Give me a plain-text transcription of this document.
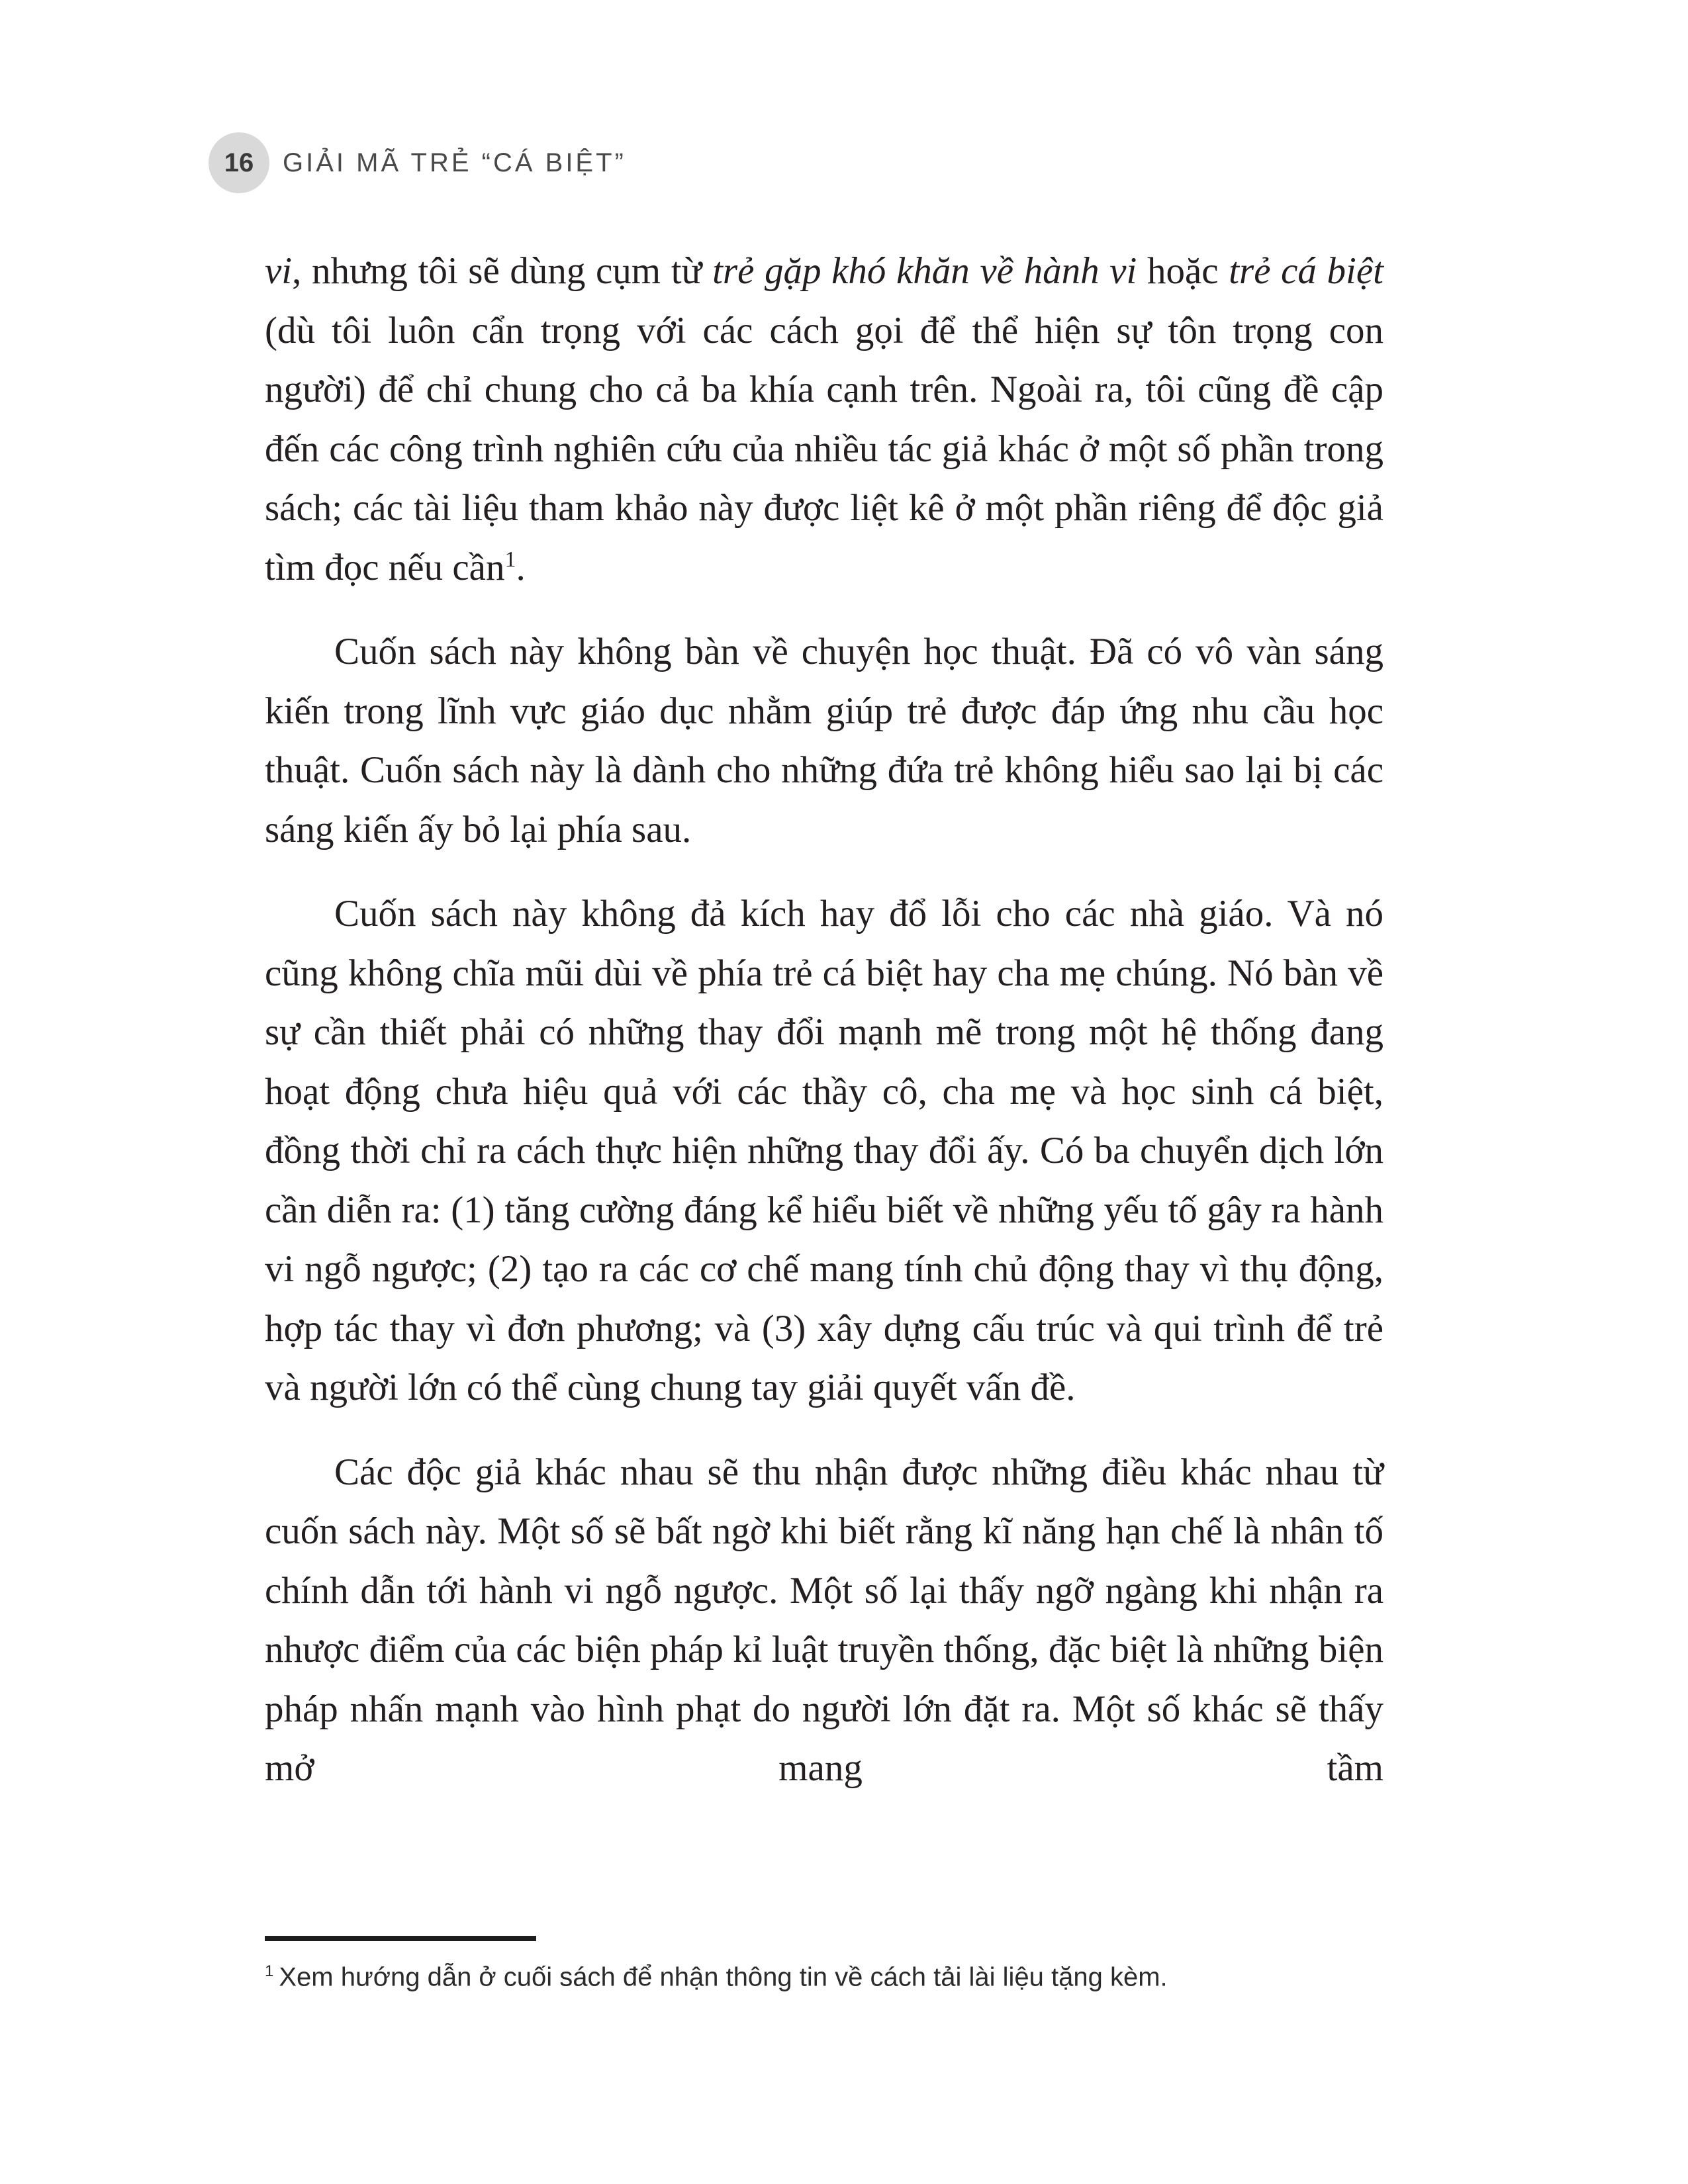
16 GIẢI MÃ TRẺ “CÁ BIỆT”

vi, nhưng tôi sẽ dùng cụm từ trẻ gặp khó khăn về hành vi hoặc trẻ cá biệt (dù tôi luôn cẩn trọng với các cách gọi để thể hiện sự tôn trọng con người) để chỉ chung cho cả ba khía cạnh trên. Ngoài ra, tôi cũng đề cập đến các công trình nghiên cứu của nhiều tác giả khác ở một số phần trong sách; các tài liệu tham khảo này được liệt kê ở một phần riêng để độc giả tìm đọc nếu cần$^1$.

Cuốn sách này không bàn về chuyện học thuật. Đã có vô vàn sáng kiến trong lĩnh vực giáo dục nhằm giúp trẻ được đáp ứng nhu cầu học thuật. Cuốn sách này là dành cho những đứa trẻ không hiểu sao lại bị các sáng kiến ấy bỏ lại phía sau.

Cuốn sách này không đả kích hay đổ lỗi cho các nhà giáo. Và nó cũng không chĩa mũi dùi về phía trẻ cá biệt hay cha mẹ chúng. Nó bàn về sự cần thiết phải có những thay đổi mạnh mẽ trong một hệ thống đang hoạt động chưa hiệu quả với các thầy cô, cha mẹ và học sinh cá biệt, đồng thời chỉ ra cách thực hiện những thay đổi ấy. Có ba chuyển dịch lớn cần diễn ra: (1) tăng cường đáng kể hiểu biết về những yếu tố gây ra hành vi ngỗ ngược; (2) tạo ra các cơ chế mang tính chủ động thay vì thụ động, hợp tác thay vì đơn phương; và (3) xây dựng cấu trúc và qui trình để trẻ và người lớn có thể cùng chung tay giải quyết vấn đề.

Các độc giả khác nhau sẽ thu nhận được những điều khác nhau từ cuốn sách này. Một số sẽ bất ngờ khi biết rằng kĩ năng hạn chế là nhân tố chính dẫn tới hành vi ngỗ ngược. Một số lại thấy ngỡ ngàng khi nhận ra nhược điểm của các biện pháp kỉ luật truyền thống, đặc biệt là những biện pháp nhấn mạnh vào hình phạt do người lớn đặt ra. Một số khác sẽ thấy mở mang tầm

$^1$ Xem hướng dẫn ở cuối sách để nhận thông tin về cách tải lài liệu tặng kèm.
